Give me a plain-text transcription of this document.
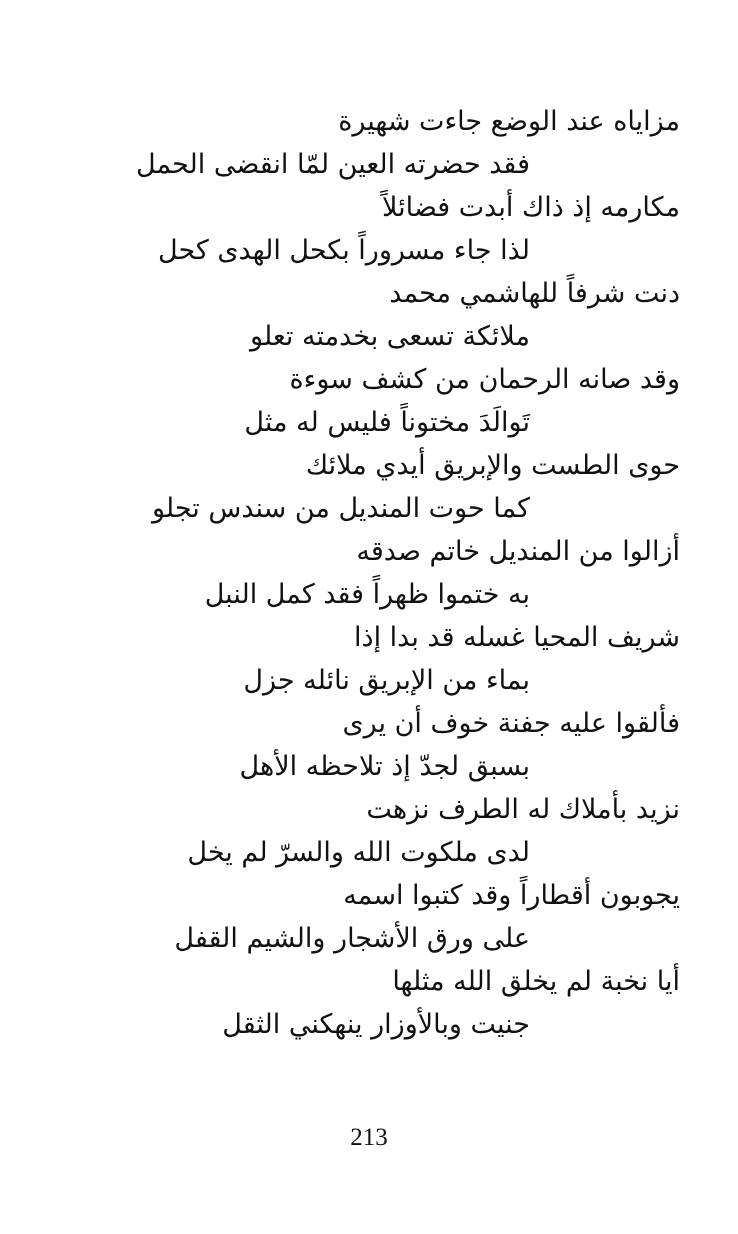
مزاياه عند الوضع جاءت شهيرة
فقد حضرته العين لمّا انقضى الحمل
مكارمه إذ ذاك أبدت فضائلاً
لذا جاء مسروراً بكحل الهدى كحل
دنت شرفاً للهاشمي محمد
ملائكة تسعى بخدمته تعلو
وقد صانه الرحمان من كشف سوءة
تَوالَدَ مختوناً فليس له مثل
حوى الطست والإبريق أيدي ملائك
كما حوت المنديل من سندس تجلو
أزالوا من المنديل خاتم صدقه
به ختموا ظهراً فقد كمل النبل
شريف المحيا غسله قد بدا إذا
بماء من الإبريق نائله جزل
فألقوا عليه جفنة خوف أن يرى
بسبق لجدّ إذ تلاحظه الأهل
نزيد بأملاك له الطرف نزهت
لدى ملكوت الله والسرّ لم يخل
يجوبون أقطاراً وقد كتبوا اسمه
على ورق الأشجار والشيم القفل
أيا نخبة لم يخلق الله مثلها
جنيت وبالأوزار ينهكني الثقل
213
